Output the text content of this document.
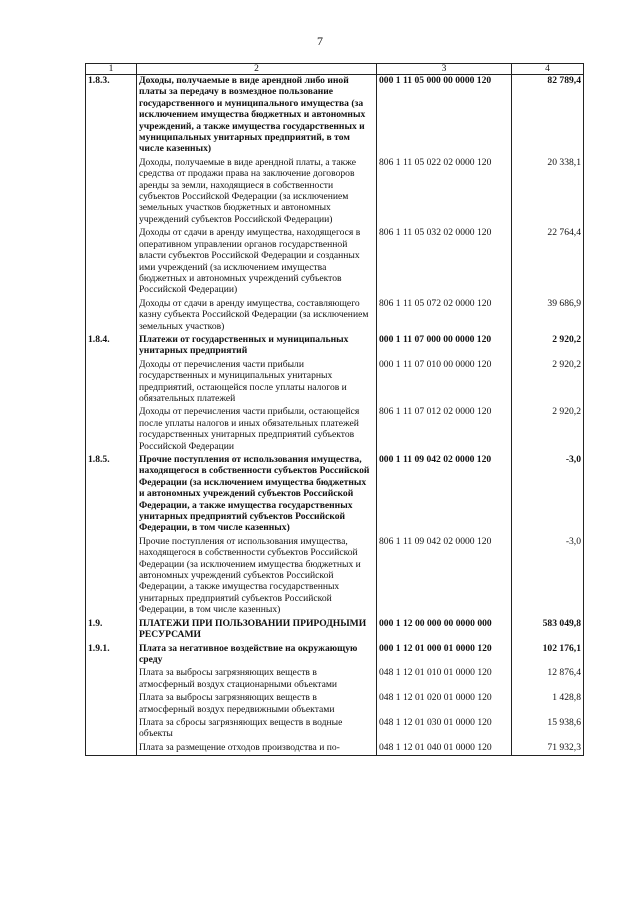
7
1	2	3	4
1.8.3.	Доходы, получаемые в виде арендной либо иной платы за передачу в возмездное пользование государственного и муниципального имущества (за исключением имущества бюджетных и автономных учреждений, а также имущества государственных и муниципальных унитарных предприятий, в том числе казенных)	000 1 11 05 000 00 0000 120	82 789,4
	Доходы, получаемые в виде арендной платы, а также средства от продажи права на заключение договоров аренды за земли, находящиеся в собственности субъектов Российской Федерации (за исключением земельных участков бюджетных и автономных учреждений субъектов Российской Федерации)	806 1 11 05 022 02 0000 120	20 338,1
	Доходы от сдачи в аренду имущества, находящегося в оперативном управлении органов государственной власти субъектов Российской Федерации и созданных ими учреждений (за исключением имущества бюджетных и автономных учреждений субъектов Российской Федерации)	806 1 11 05 032 02 0000 120	22 764,4
	Доходы от сдачи в аренду имущества, составляющего казну субъекта Российской Федерации (за исключением земельных участков)	806 1 11 05 072 02 0000 120	39 686,9
1.8.4.	Платежи от государственных и муниципальных унитарных предприятий	000 1 11 07 000 00 0000 120	2 920,2
	Доходы от перечисления части прибыли государственных и муниципальных унитарных предприятий, остающейся после уплаты налогов и обязательных платежей	000 1 11 07 010 00 0000 120	2 920,2
	Доходы от перечисления части прибыли, остающейся после уплаты налогов и иных обязательных платежей государственных унитарных предприятий субъектов Российской Федерации	806 1 11 07 012 02 0000 120	2 920,2
1.8.5.	Прочие поступления от использования имущества, находящегося в собственности субъектов Российской Федерации (за исключением имущества бюджетных и автономных учреждений субъектов Российской Федерации, а также имущества государственных унитарных предприятий субъектов Российской Федерации, в том числе казенных)	000 1 11 09 042 02 0000 120	-3,0
	Прочие поступления от использования имущества, находящегося в собственности субъектов Российской Федерации (за исключением имущества бюджетных и автономных учреждений субъектов Российской Федерации, а также имущества государственных унитарных предприятий субъектов Российской Федерации, в том числе казенных)	806 1 11 09 042 02 0000 120	-3,0
1.9.	ПЛАТЕЖИ ПРИ ПОЛЬЗОВАНИИ ПРИРОДНЫМИ РЕСУРСАМИ	000 1 12 00 000 00 0000 000	583 049,8
1.9.1.	Плата за негативное воздействие на окружающую среду	000 1 12 01 000 01 0000 120	102 176,1
	Плата за выбросы загрязняющих веществ в атмосферный воздух стационарными объектами	048 1 12 01 010 01 0000 120	12 876,4
	Плата за выбросы загрязняющих веществ в атмосферный воздух передвижными объектами	048 1 12 01 020 01 0000 120	1 428,8
	Плата за сбросы загрязняющих веществ в водные объекты	048 1 12 01 030 01 0000 120	15 938,6
	Плата за размещение отходов производства и по-	048 1 12 01 040 01 0000 120	71 932,3
